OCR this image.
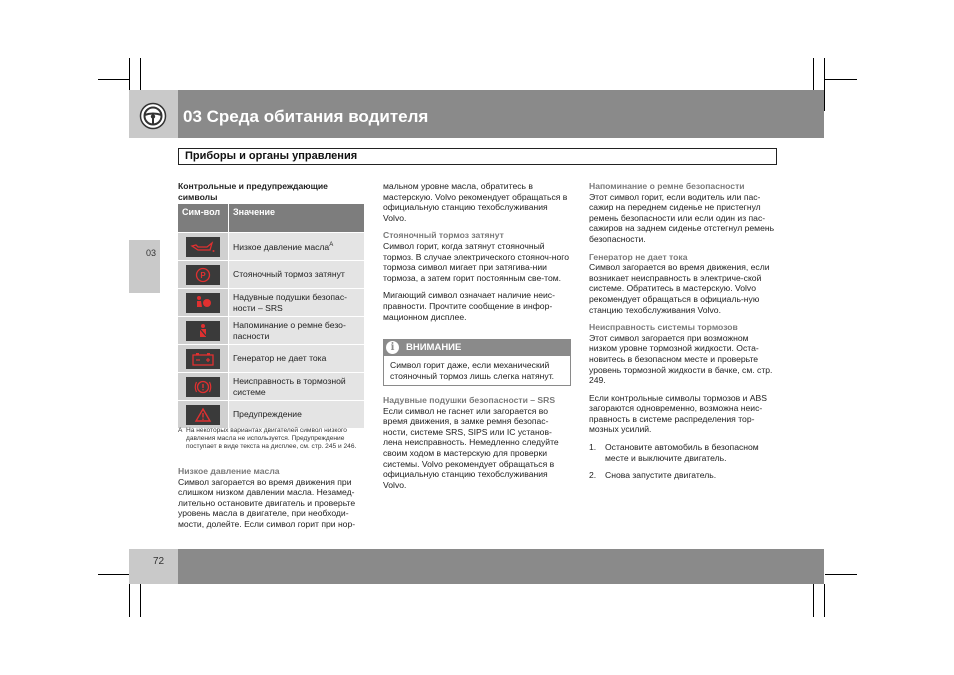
03 Среда обитания водителя
03
Приборы и органы управления

Контрольные и предупреждающие символы

Сим-вол	Значение
Низкое давление масла$^A$
P	Стояночный тормоз затянут
Надувные подушки безопас-ности – SRS
Напоминание о ремне безо-пасности
Генератор не дает тока
Неисправность в тормозной системе
Предупреждение
A На некоторых вариантах двигателей символ низкого давления масла не используется. Предупреждение поступает в виде текста на дисплее, см. стр. 245 и 246.

Низкое давление масла

Символ загорается во время движения при слишком низком давлении масла. Незамед-лительно остановите двигатель и проверьте уровень масла в двигателе, при необходи-мости, долейте. Если символ горит при нор-

мальном уровне масла, обратитесь в мастерскую. Volvo рекомендует обращаться в официальную станцию техобслуживания Volvo.

Стояночный тормоз затянут

Символ горит, когда затянут стояночный тормоз. В случае электрического стояноч-ного тормоза символ мигает при затягива-нии тормоза, а затем горит постоянным све-том.

Мигающий символ означает наличие неис-правности. Прочтите сообщение в инфор-мационном дисплее.

i	ВНИМАНИЕ
Символ горит даже, если механический стояночный тормоз лишь слегка натянут.

Надувные подушки безопасности – SRS

Если символ не гаснет или загорается во время движения, в замке ремня безопас-ности, системе SRS, SIPS или IC установ-лена неисправность. Немедленно следуйте своим ходом в мастерскую для проверки системы. Volvo рекомендует обращаться в официальную станцию техобслуживания Volvo.

Напоминание о ремне безопасности

Этот символ горит, если водитель или пас-сажир на переднем сиденье не пристегнул ремень безопасности или если один из пас-сажиров на заднем сиденье отстегнул ремень безопасности.

Генератор не дает тока

Символ загорается во время движения, если возникает неисправность в электриче-ской системе. Обратитесь в мастерскую. Volvo рекомендует обращаться в официаль-ную станцию техобслуживания Volvo.

Неисправность системы тормозов

Этот символ загорается при возможном низком уровне тормозной жидкости. Оста-новитесь в безопасном месте и проверьте уровень тормозной жидкости в бачке, см. стр. 249.

Если контрольные символы тормозов и ABS загораются одновременно, возможна неис-правность в системе распределения тор-мозных усилий.

1. Остановите автомобиль в безопасном месте и выключите двигатель.
2. Снова запустите двигатель.
72
